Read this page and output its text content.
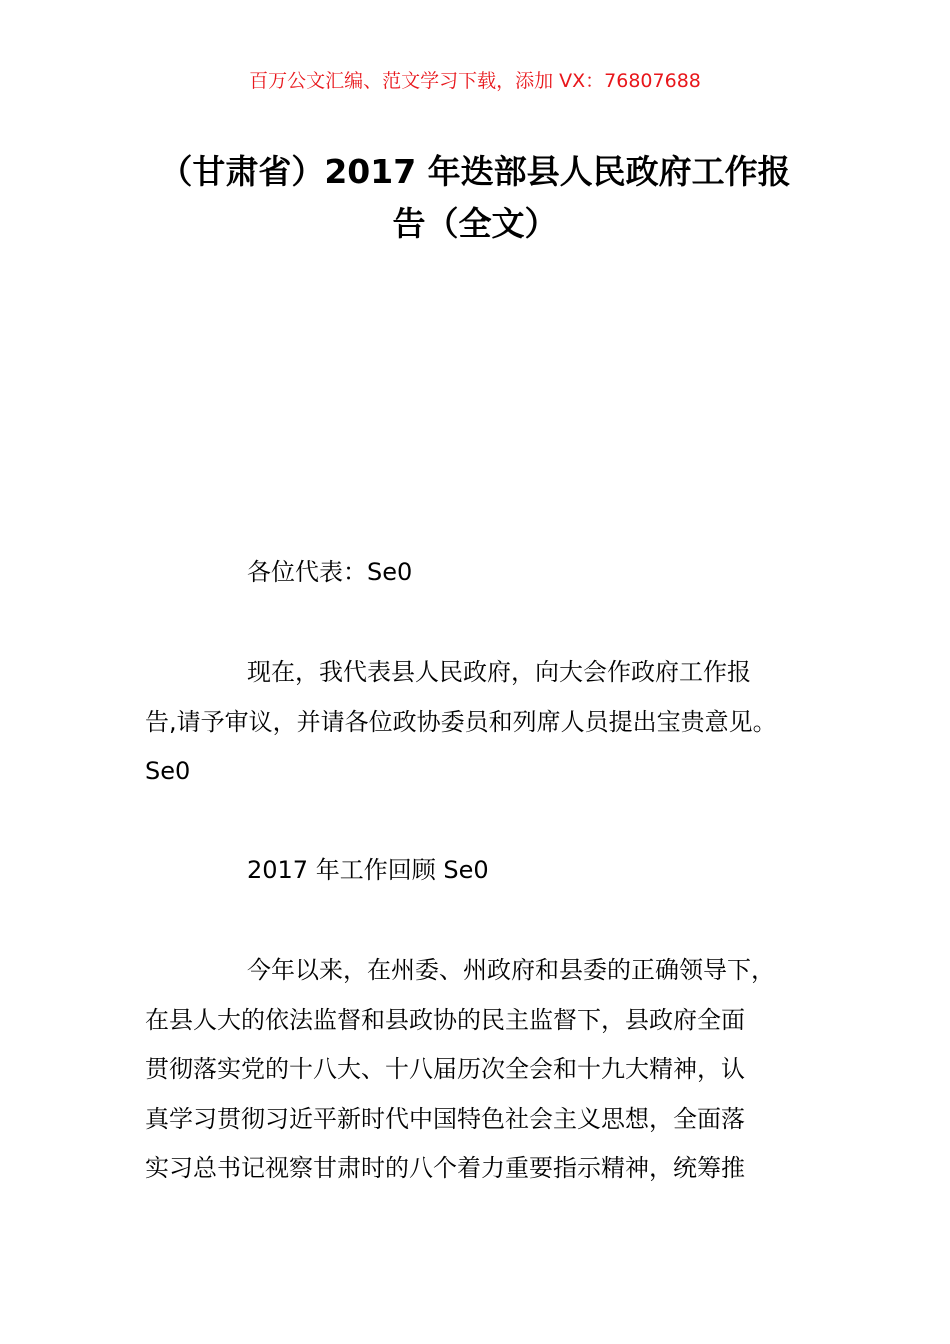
百万公文汇编、范文学习下载，添加 VX：76807688
（甘肃省）2017 年迭部县人民政府工作报
告（全文）
各位代表：Se0
现在，我代表县人民政府，向大会作政府工作报
告,请予审议，并请各位政协委员和列席人员提出宝贵意见。
Se0
2017 年工作回顾 Se0
今年以来，在州委、州政府和县委的正确领导下，
在县人大的依法监督和县政协的民主监督下，县政府全面
贯彻落实党的十八大、十八届历次全会和十九大精神，认
真学习贯彻习近平新时代中国特色社会主义思想，全面落
实习总书记视察甘肃时的八个着力重要指示精神，统筹推
